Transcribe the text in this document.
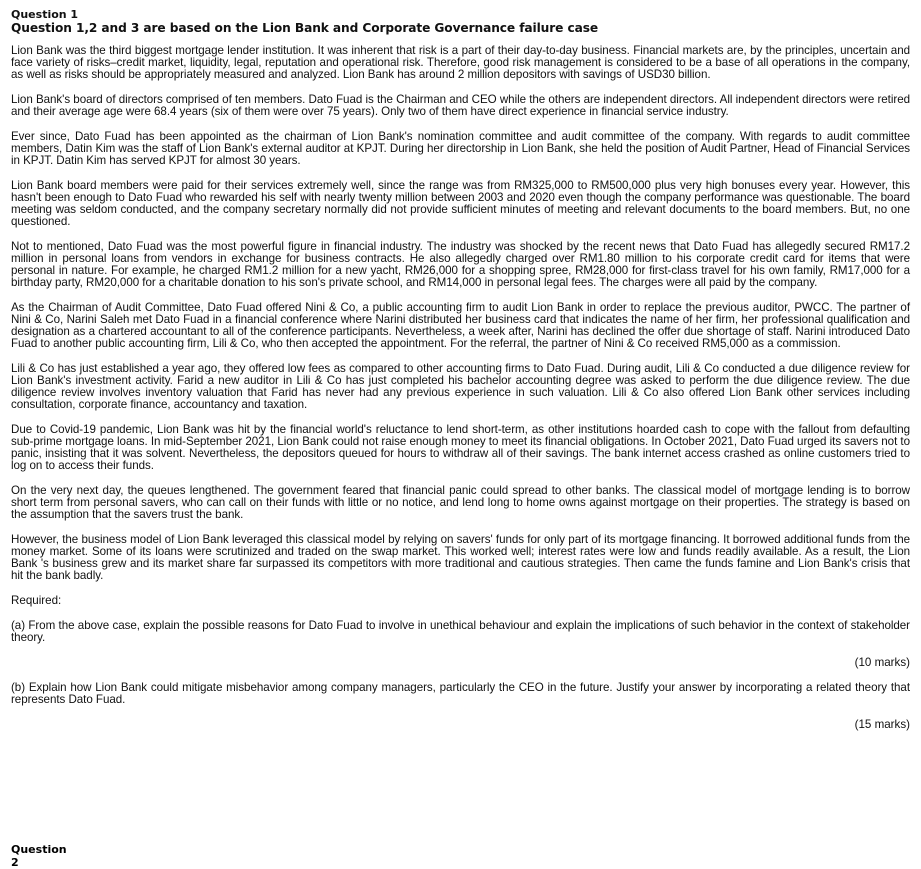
Question 1

Question 1,2 and 3 are based on the Lion Bank and Corporate Governance failure case

Lion Bank was the third biggest mortgage lender institution. It was inherent that risk is a part of their day-to-day business. Financial markets are, by the principles, uncertain and face variety of risks–credit market, liquidity, legal, reputation and operational risk. Therefore, good risk management is considered to be a base of all operations in the company, as well as risks should be appropriately measured and analyzed. Lion Bank has around 2 million depositors with savings of USD30 billion.

Lion Bank's board of directors comprised of ten members. Dato Fuad is the Chairman and CEO while the others are independent directors. All independent directors were retired and their average age were 68.4 years (six of them were over 75 years). Only two of them have direct experience in financial service industry.

Ever since, Dato Fuad has been appointed as the chairman of Lion Bank's nomination committee and audit committee of the company. With regards to audit committee members, Datin Kim was the staff of Lion Bank's external auditor at KPJT. During her directorship in Lion Bank, she held the position of Audit Partner, Head of Financial Services in KPJT. Datin Kim has served KPJT for almost 30 years.

Lion Bank board members were paid for their services extremely well, since the range was from RM325,000 to RM500,000 plus very high bonuses every year. However, this hasn't been enough to Dato Fuad who rewarded his self with nearly twenty million between 2003 and 2020 even though the company performance was questionable. The board meeting was seldom conducted, and the company secretary normally did not provide sufficient minutes of meeting and relevant documents to the board members. But, no one questioned.

Not to mentioned, Dato Fuad was the most powerful figure in financial industry. The industry was shocked by the recent news that Dato Fuad has allegedly secured RM17.2 million in personal loans from vendors in exchange for business contracts. He also allegedly charged over RM1.80 million to his corporate credit card for items that were personal in nature. For example, he charged RM1.2 million for a new yacht, RM26,000 for a shopping spree, RM28,000 for first-class travel for his own family, RM17,000 for a birthday party, RM20,000 for a charitable donation to his son's private school, and RM14,000 in personal legal fees. The charges were all paid by the company.

As the Chairman of Audit Committee, Dato Fuad offered Nini & Co, a public accounting firm to audit Lion Bank in order to replace the previous auditor, PWCC. The partner of Nini & Co, Narini Saleh met Dato Fuad in a financial conference where Narini distributed her business card that indicates the name of her firm, her professional qualification and designation as a chartered accountant to all of the conference participants. Nevertheless, a week after, Narini has declined the offer due shortage of staff. Narini introduced Dato Fuad to another public accounting firm, Lili & Co, who then accepted the appointment. For the referral, the partner of Nini & Co received RM5,000 as a commission.

Lili & Co has just established a year ago, they offered low fees as compared to other accounting firms to Dato Fuad. During audit, Lili & Co conducted a due diligence review for Lion Bank's investment activity. Farid a new auditor in Lili & Co has just completed his bachelor accounting degree was asked to perform the due diligence review. The due diligence review involves inventory valuation that Farid has never had any previous experience in such valuation. Lili & Co also offered Lion Bank other services including consultation, corporate finance, accountancy and taxation.

Due to Covid-19 pandemic, Lion Bank was hit by the financial world's reluctance to lend short-term, as other institutions hoarded cash to cope with the fallout from defaulting sub-prime mortgage loans. In mid-September 2021, Lion Bank could not raise enough money to meet its financial obligations. In October 2021, Dato Fuad urged its savers not to panic, insisting that it was solvent. Nevertheless, the depositors queued for hours to withdraw all of their savings. The bank internet access crashed as online customers tried to log on to access their funds.

On the very next day, the queues lengthened. The government feared that financial panic could spread to other banks. The classical model of mortgage lending is to borrow short term from personal savers, who can call on their funds with little or no notice, and lend long to home owns against mortgage on their properties. The strategy is based on the assumption that the savers trust the bank.

However, the business model of Lion Bank leveraged this classical model by relying on savers' funds for only part of its mortgage financing. It borrowed additional funds from the money market. Some of its loans were scrutinized and traded on the swap market. This worked well; interest rates were low and funds readily available. As a result, the Lion Bank 's business grew and its market share far surpassed its competitors with more traditional and cautious strategies. Then came the funds famine and Lion Bank's crisis that hit the bank badly.

Required:

(a) From the above case, explain the possible reasons for Dato Fuad to involve in unethical behaviour and explain the implications of such behavior in the context of stakeholder theory.

(10 marks)

(b) Explain how Lion Bank could mitigate misbehavior among company managers, particularly the CEO in the future. Justify your answer by incorporating a related theory that represents Dato Fuad.

(15 marks)

Question 2
